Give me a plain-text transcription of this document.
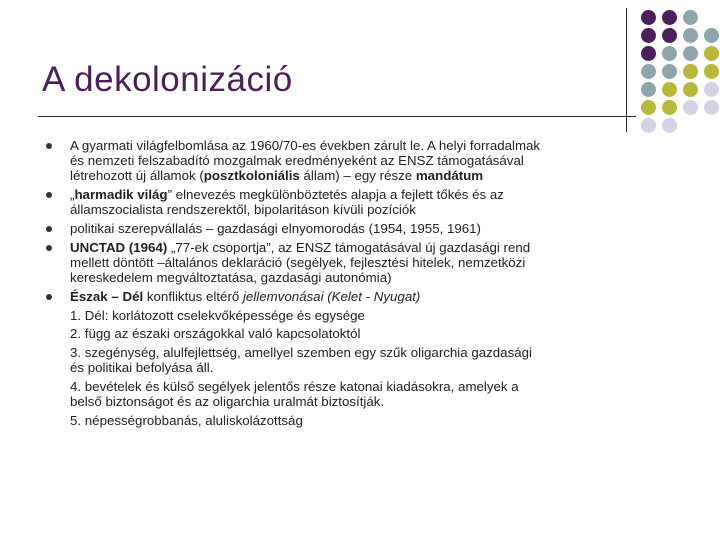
A dekolonizáció
A gyarmati világfelbomlása az 1960/70-es években zárult le. A helyi forradalmak
és nemzeti felszabadító mozgalmak eredményeként az ENSZ támogatásával
létrehozott új államok (posztkoloniális állam) – egy része mandátum
„harmadik világ” elnevezés megkülönböztetés alapja a fejlett tőkés és az
államszocialista rendszerektől, bipolaritáson kívüli pozíciók
politikai szerepvállalás – gazdasági elnyomorodás (1954, 1955, 1961)
UNCTAD (1964) „77-ek csoportja”, az ENSZ támogatásával új gazdasági rend
mellett döntött –általános deklaráció (segélyek, fejlesztési hitelek, nemzetközi
kereskedelem megváltoztatása, gazdasági autonómia)
Észak – Dél konfliktus eltérő jellemvonásai (Kelet - Nyugat)
1. Dél: korlátozott cselekvőképessége és egysége
2. függ az északi országokkal való kapcsolatoktól
3. szegénység, alulfejlettség, amellyel szemben egy szűk oligarchia gazdasági
és politikai befolyása áll.
4. bevételek és külső segélyek jelentős része katonai kiadásokra, amelyek a
belső biztonságot és az oligarchia uralmát biztosítják.
5. népességrobbanás, aluliskolázottság
